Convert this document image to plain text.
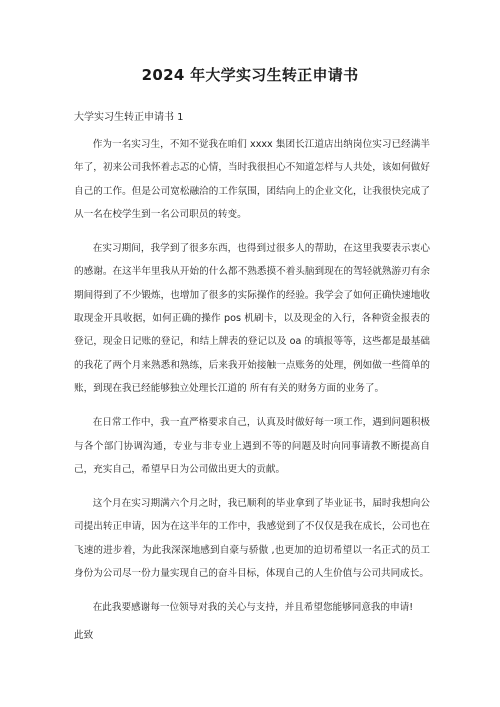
2024 年大学实习生转正申请书
大学实习生转正申请书 1

作为一名实习生，不知不觉我在咱们 xxxx 集团长江道店出纳岗位实习已经满半年了，初来公司我怀着忐忑的心情，当时我很担心不知道怎样与人共处，该如何做好自己的工作。但是公司宽松融洽的工作氛围，团结向上的企业文化，让我很快完成了从一名在校学生到一名公司职员的转变。

在实习期间，我学到了很多东西，也得到过很多人的帮助，在这里我要表示衷心的感谢。在这半年里我从开始的什么都不熟悉摸不着头脑到现在的驾轻就熟游刃有余 期间得到了不少锻炼，也增加了很多的实际操作的经验。我学会了如何正确快速地收取现金开具收据，如何正确的操作 pos 机刷卡，以及现金的入行，各种资金报表的登记，现金日记账的登记，和结上牌表的登记以及 oa 的填报等等，这些都是最基础的我花了两个月来熟悉和熟练，后来我开始接触一点账务的处理，例如做一些简单的账，到现在我已经能够独立处理长江道的 所有有关的财务方面的业务了。

在日常工作中，我一直严格要求自己，认真及时做好每一项工作，遇到问题积极与各个部门协调沟通，专业与非专业上遇到不等的问题及时向同事请教不断提高自己，充实自己，希望早日为公司做出更大的贡献。

这个月在实习期满六个月之时，我已顺利的毕业拿到了毕业证书，届时我想向公司提出转正申请，因为在这半年的工作中，我感觉到了不仅仅是我在成长，公司也在飞速的进步着，为此我深深地感到自豪与骄傲 ,也更加的迫切希望以一名正式的员工身份为公司尽一份力量实现自己的奋斗目标，体现自己的人生价值与公司共同成长。

在此我要感谢每一位领导对我的关心与支持，并且希望您能够同意我的申请!

此致
